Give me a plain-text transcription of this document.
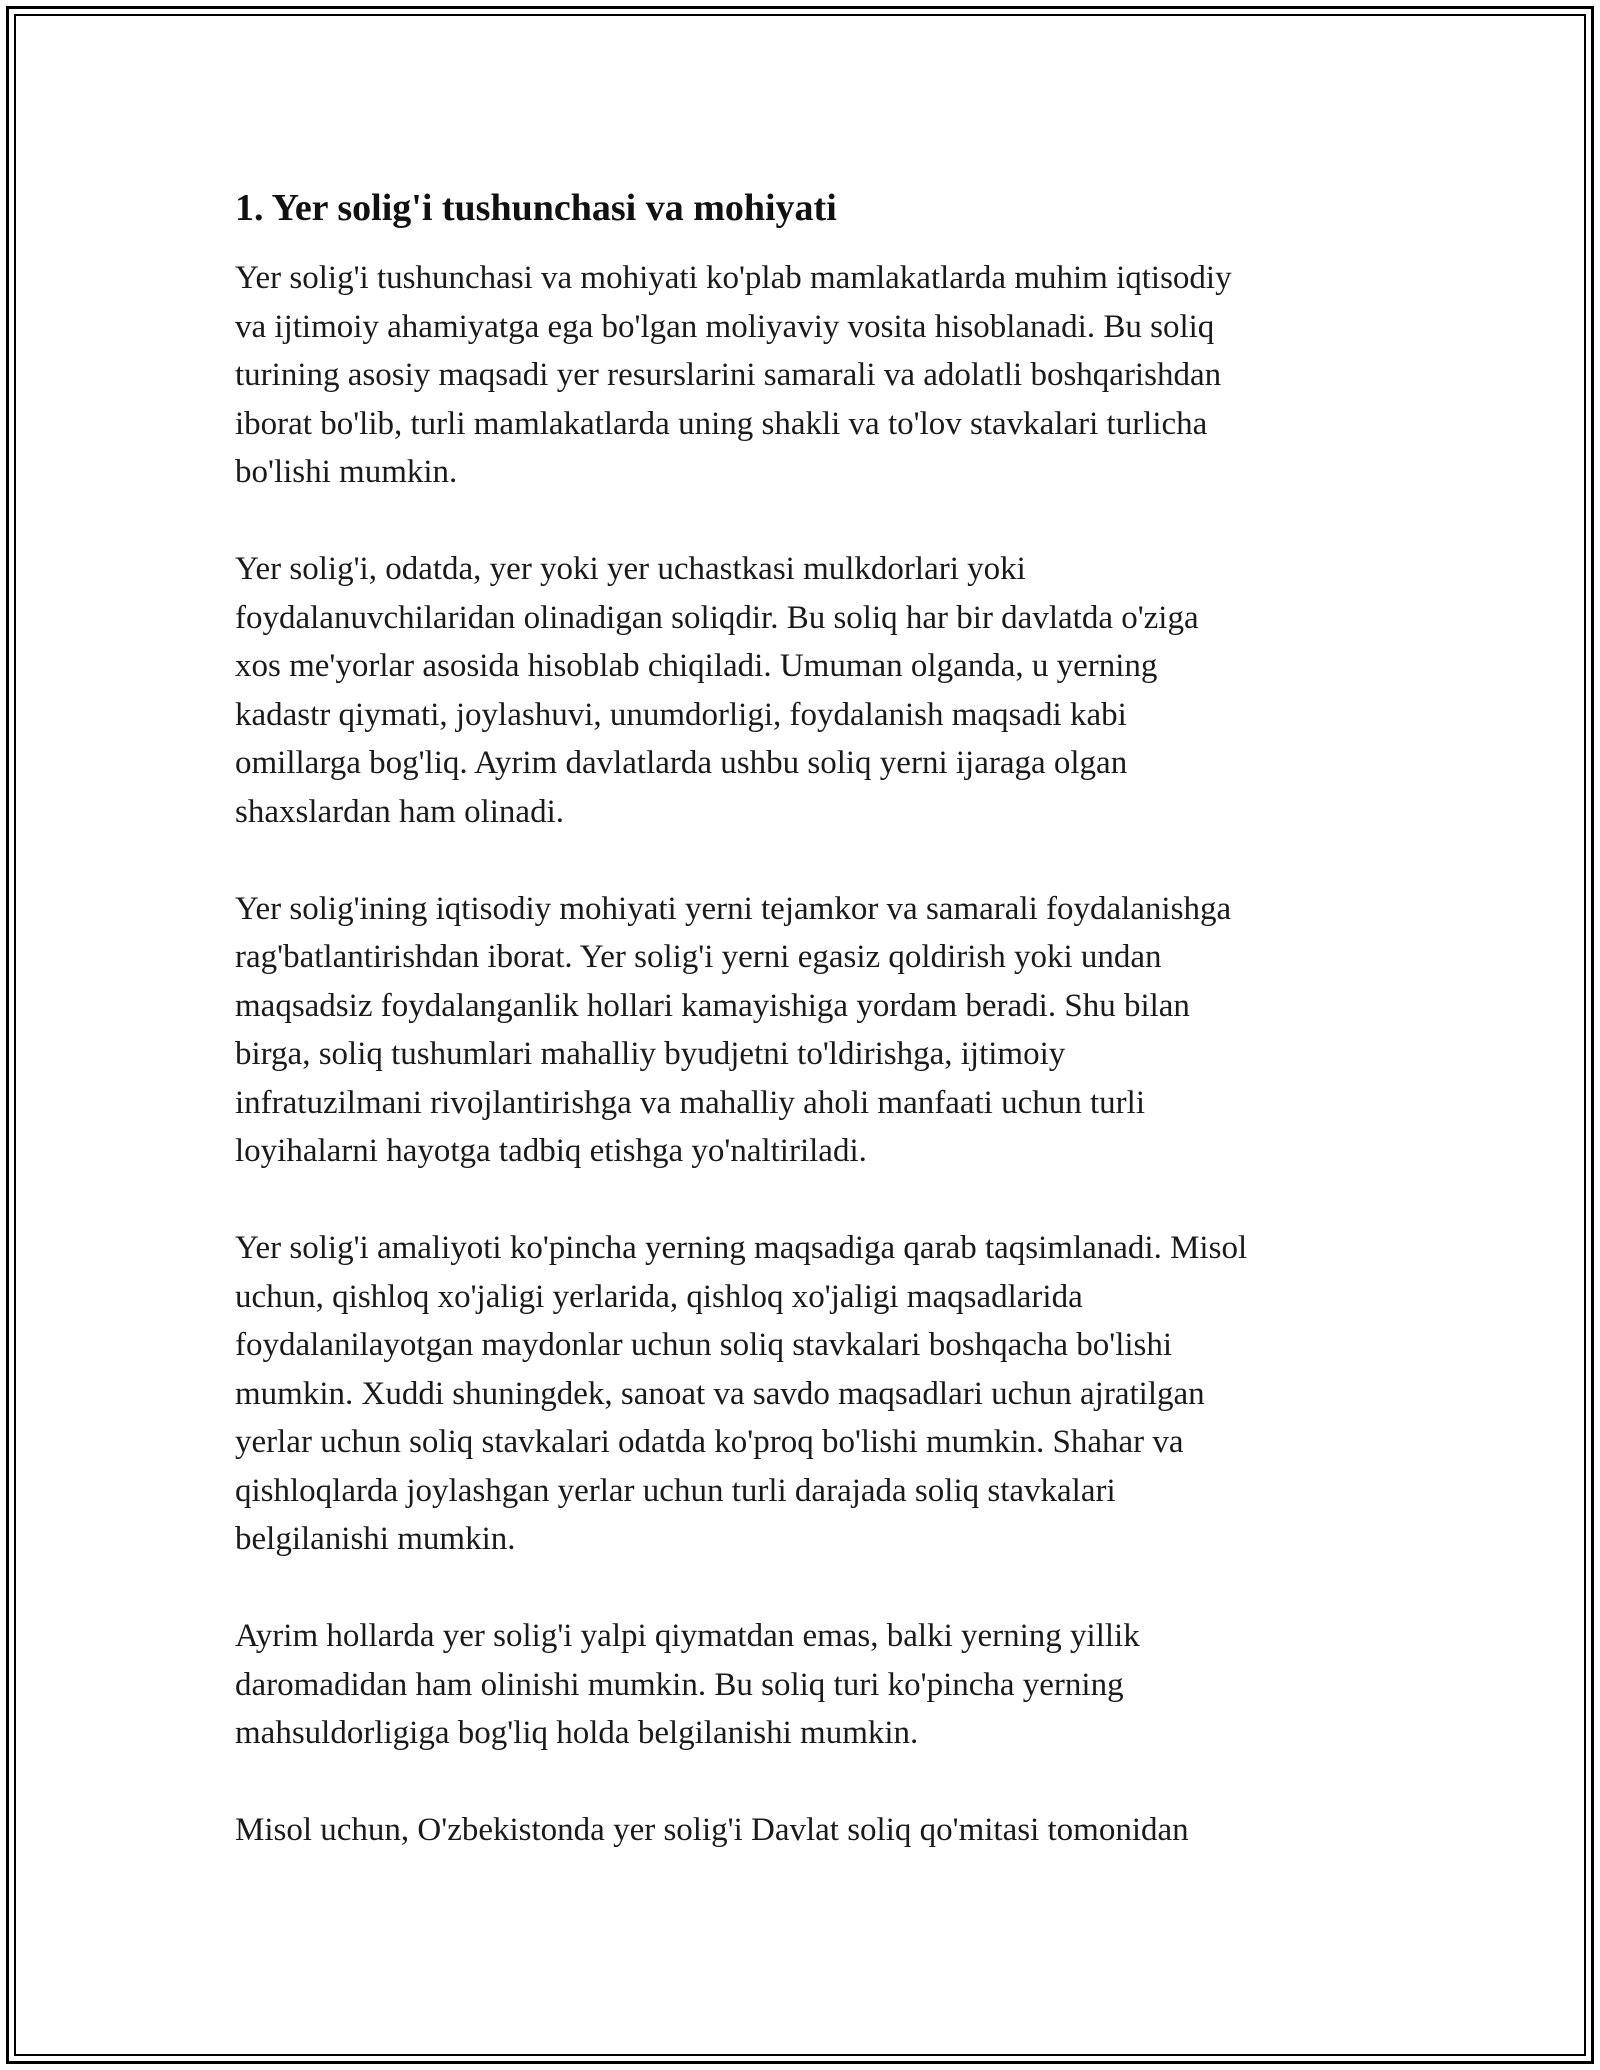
1. Yer solig'i tushunchasi va mohiyati

Yer solig'i tushunchasi va mohiyati ko'plab mamlakatlarda muhim iqtisodiy
va ijtimoiy ahamiyatga ega bo'lgan moliyaviy vosita hisoblanadi. Bu soliq
turining asosiy maqsadi yer resurslarini samarali va adolatli boshqarishdan
iborat bo'lib, turli mamlakatlarda uning shakli va to'lov stavkalari turlicha
bo'lishi mumkin.

Yer solig'i, odatda, yer yoki yer uchastkasi mulkdorlari yoki
foydalanuvchilaridan olinadigan soliqdir. Bu soliq har bir davlatda o'ziga
xos me'yorlar asosida hisoblab chiqiladi. Umuman olganda, u yerning
kadastr qiymati, joylashuvi, unumdorligi, foydalanish maqsadi kabi
omillarga bog'liq. Ayrim davlatlarda ushbu soliq yerni ijaraga olgan
shaxslardan ham olinadi.

Yer solig'ining iqtisodiy mohiyati yerni tejamkor va samarali foydalanishga
rag'batlantirishdan iborat. Yer solig'i yerni egasiz qoldirish yoki undan
maqsadsiz foydalanganlik hollari kamayishiga yordam beradi. Shu bilan
birga, soliq tushumlari mahalliy byudjetni to'ldirishga, ijtimoiy
infratuzilmani rivojlantirishga va mahalliy aholi manfaati uchun turli
loyihalarni hayotga tadbiq etishga yo'naltiriladi.

Yer solig'i amaliyoti ko'pincha yerning maqsadiga qarab taqsimlanadi. Misol
uchun, qishloq xo'jaligi yerlarida, qishloq xo'jaligi maqsadlarida
foydalanilayotgan maydonlar uchun soliq stavkalari boshqacha bo'lishi
mumkin. Xuddi shuningdek, sanoat va savdo maqsadlari uchun ajratilgan
yerlar uchun soliq stavkalari odatda ko'proq bo'lishi mumkin. Shahar va
qishloqlarda joylashgan yerlar uchun turli darajada soliq stavkalari
belgilanishi mumkin.

Ayrim hollarda yer solig'i yalpi qiymatdan emas, balki yerning yillik
daromadidan ham olinishi mumkin. Bu soliq turi ko'pincha yerning
mahsuldorligiga bog'liq holda belgilanishi mumkin.

Misol uchun, O'zbekistonda yer solig'i Davlat soliq qo'mitasi tomonidan
